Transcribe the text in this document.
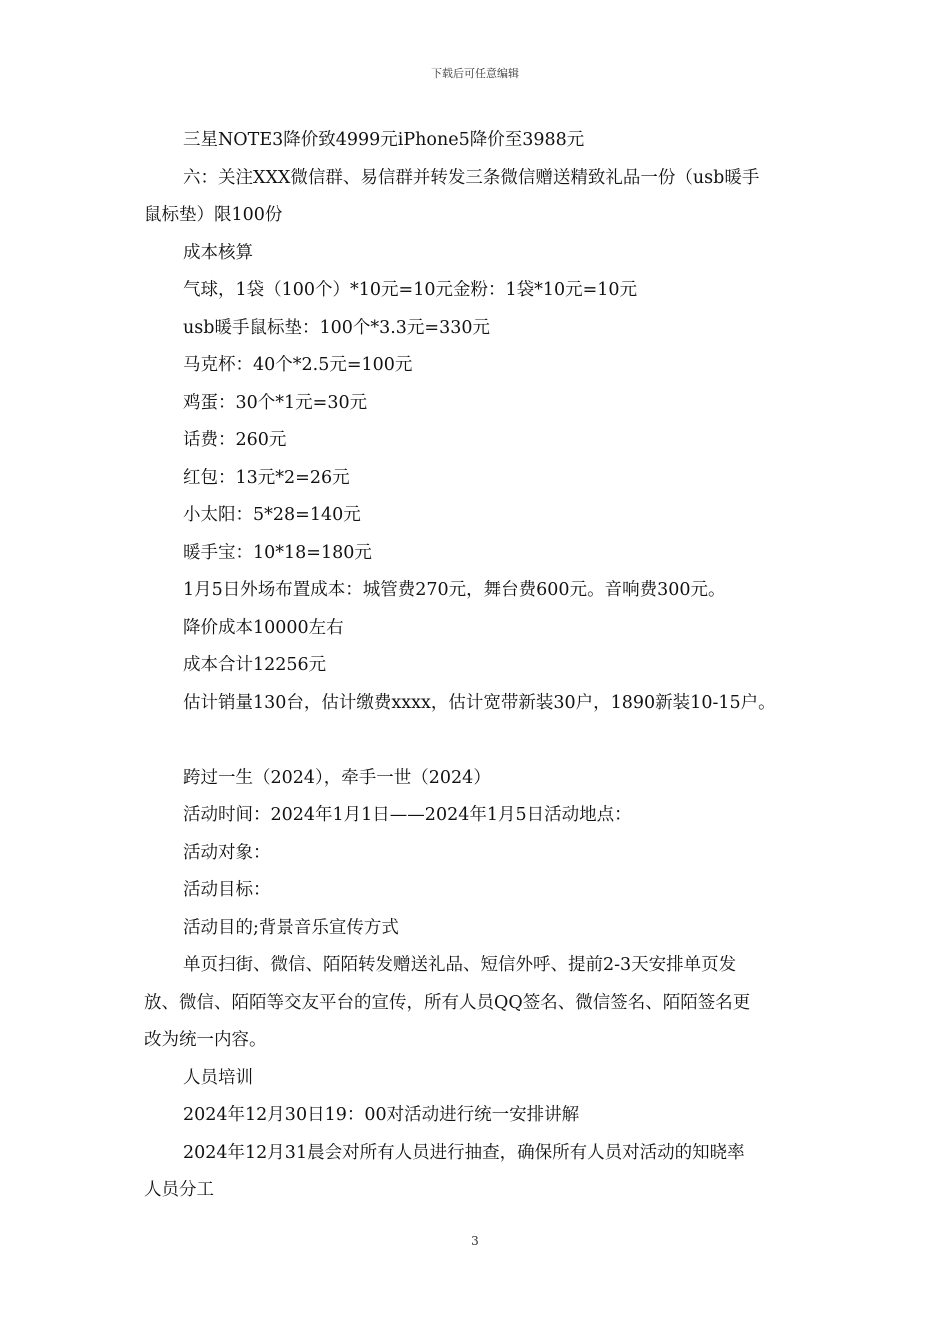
下载后可任意编辑
三星NOTE3降价致4999元iPhone5降价至3988元
六：关注XXX微信群、易信群并转发三条微信赠送精致礼品一份（usb暖手
鼠标垫）限100份
成本核算
气球，1袋（100个）*10元=10元金粉：1袋*10元=10元
usb暖手鼠标垫：100个*3.3元=330元
马克杯：40个*2.5元=100元
鸡蛋：30个*1元=30元
话费：260元
红包：13元*2=26元
小太阳：5*28=140元
暖手宝：10*18=180元
1月5日外场布置成本：城管费270元，舞台费600元。音响费300元。
降价成本10000左右
成本合计12256元
估计销量130台，估计缴费xxxx，估计宽带新装30户，1890新装10-15户。
跨过一生（2024），牵手一世（2024）
活动时间：2024年1月1日——2024年1月5日活动地点：
活动对象：
活动目标：
活动目的;背景音乐宣传方式
单页扫街、微信、陌陌转发赠送礼品、短信外呼、提前2-3天安排单页发
放、微信、陌陌等交友平台的宣传，所有人员QQ签名、微信签名、陌陌签名更
改为统一内容。
人员培训
2024年12月30日19：00对活动进行统一安排讲解
2024年12月31晨会对所有人员进行抽查，确保所有人员对活动的知晓率
人员分工
3
